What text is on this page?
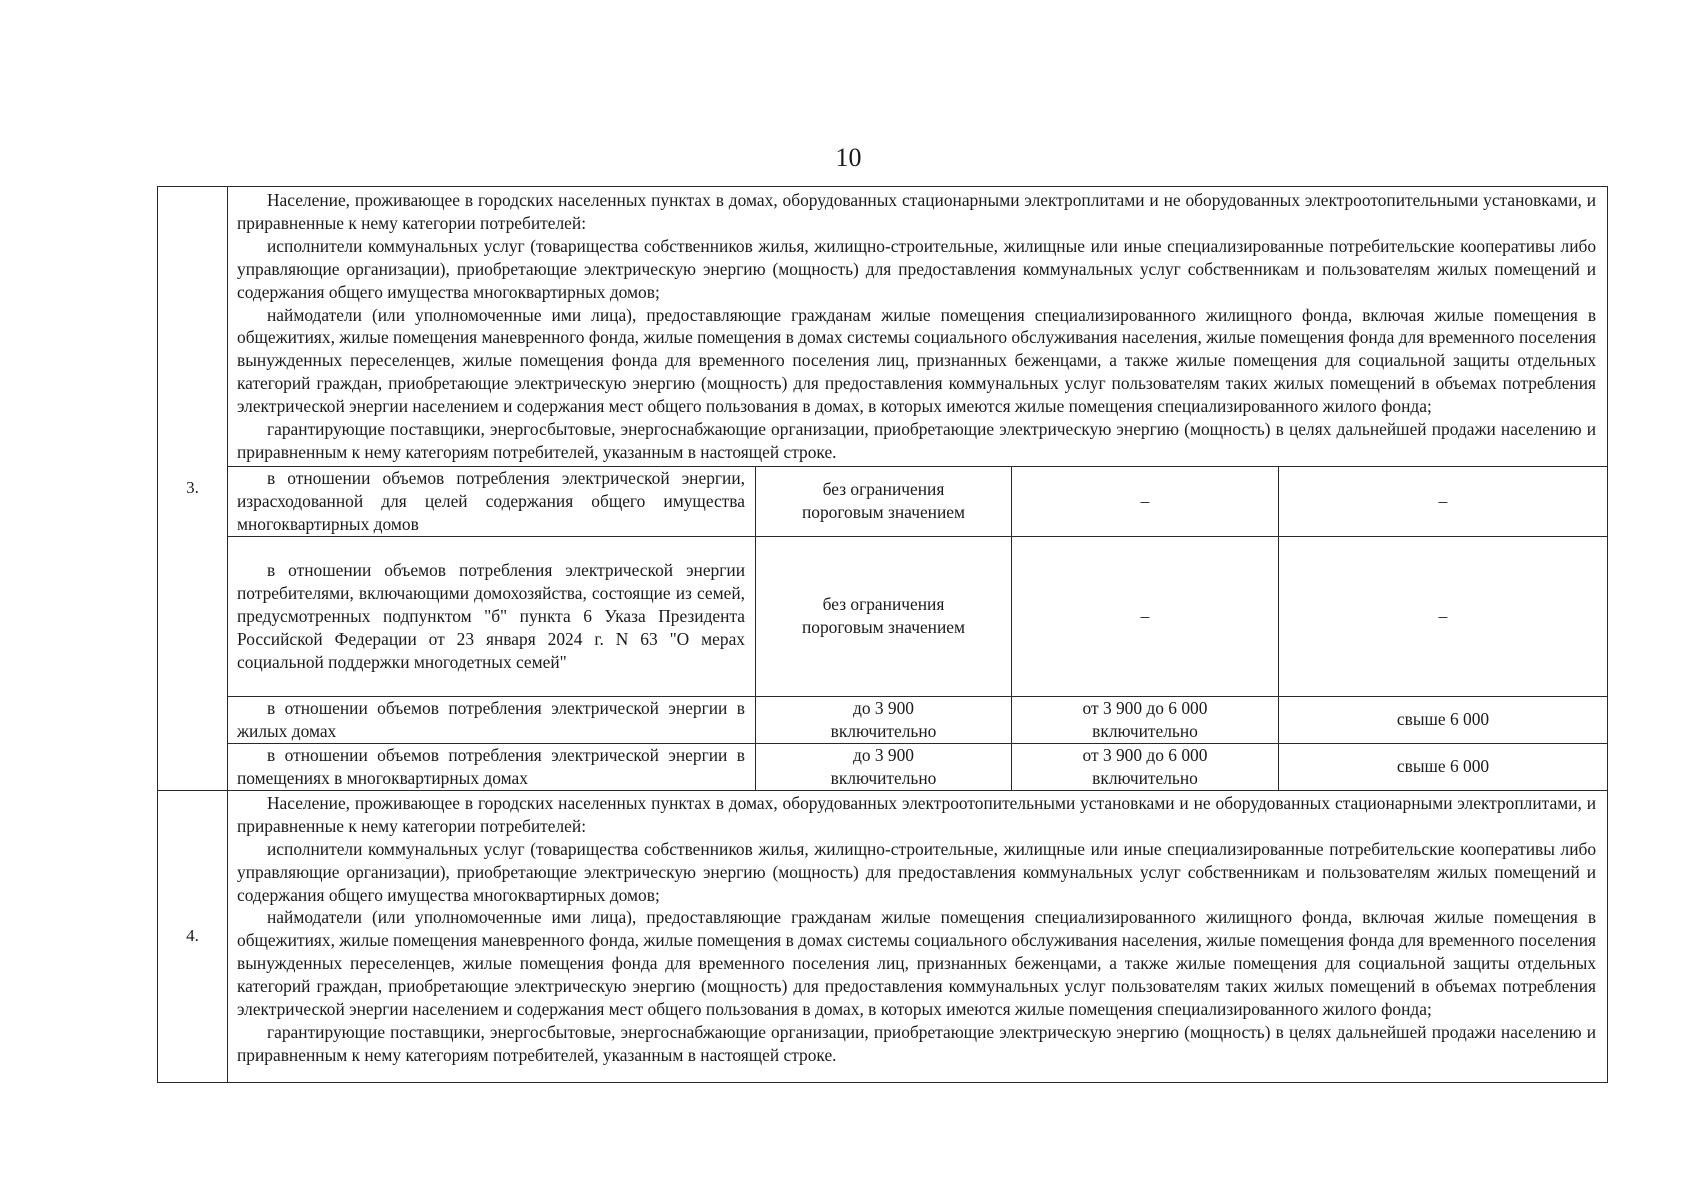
10
3.	Население, проживающее в городских населенных пунктах в домах, оборудованных стационарными электроплитами и не оборудованных электроотопительными установками, и приравненные к нему категории потребителей:

исполнители коммунальных услуг (товарищества собственников жилья, жилищно-строительные, жилищные или иные специализированные потребительские кооперативы либо управляющие организации), приобретающие электрическую энергию (мощность) для предоставления коммунальных услуг собственникам и пользователям жилых помещений и содержания общего имущества многоквартирных домов;

наймодатели (или уполномоченные ими лица), предоставляющие гражданам жилые помещения специализированного жилищного фонда, включая жилые помещения в общежитиях, жилые помещения маневренного фонда, жилые помещения в домах системы социального обслуживания населения, жилые помещения фонда для временного поселения вынужденных переселенцев, жилые помещения фонда для временного поселения лиц, признанных беженцами, а также жилые помещения для социальной защиты отдельных категорий граждан, приобретающие электрическую энергию (мощность) для предоставления коммунальных услуг пользователям таких жилых помещений в объемах потребления электрической энергии населением и содержания мест общего пользования в домах, в которых имеются жилые помещения специализированного жилого фонда;

гарантирующие поставщики, энергосбытовые, энергоснабжающие организации, приобретающие электрическую энергию (мощность) в целях дальнейшей продажи населению и приравненным к нему категориям потребителей, указанным в настоящей строке.			

	в отношении объемов потребления электрической энергии, израсходованной для целей содержания общего имущества многоквартирных домов	без ограничения пороговым значением	–	–

	в отношении объемов потребления электрической энергии потребителями, включающими домохозяйства, состоящие из семей, предусмотренных подпунктом "б" пункта 6 Указа Президента Российской Федерации от 23 января 2024 г. N 63 "О мерах социальной поддержки многодетных семей"	без ограничения пороговым значением	–	–

	в отношении объемов потребления электрической энергии в жилых домах	до 3 900 включительно	от 3 900 до 6 000 включительно	свыше 6 000

	в отношении объемов потребления электрической энергии в помещениях в многоквартирных домах	до 3 900 включительно	от 3 900 до 6 000 включительно	свыше 6 000
4.	Население, проживающее в городских населенных пунктах в домах, оборудованных электроотопительными установками и не оборудованных стационарными электроплитами, и приравненные к нему категории потребителей:

исполнители коммунальных услуг (товарищества собственников жилья, жилищно-строительные, жилищные или иные специализированные потребительские кооперативы либо управляющие организации), приобретающие электрическую энергию (мощность) для предоставления коммунальных услуг собственникам и пользователям жилых помещений и содержания общего имущества многоквартирных домов;

наймодатели (или уполномоченные ими лица), предоставляющие гражданам жилые помещения специализированного жилищного фонда, включая жилые помещения в общежитиях, жилые помещения маневренного фонда, жилые помещения в домах системы социального обслуживания населения, жилые помещения фонда для временного поселения вынужденных переселенцев, жилые помещения фонда для временного поселения лиц, признанных беженцами, а также жилые помещения для социальной защиты отдельных категорий граждан, приобретающие электрическую энергию (мощность) для предоставления коммунальных услуг пользователям таких жилых помещений в объемах потребления электрической энергии населением и содержания мест общего пользования в домах, в которых имеются жилые помещения специализированного жилого фонда;

гарантирующие поставщики, энергосбытовые, энергоснабжающие организации, приобретающие электрическую энергию (мощность) в целях дальнейшей продажи населению и приравненным к нему категориям потребителей, указанным в настоящей строке.			
